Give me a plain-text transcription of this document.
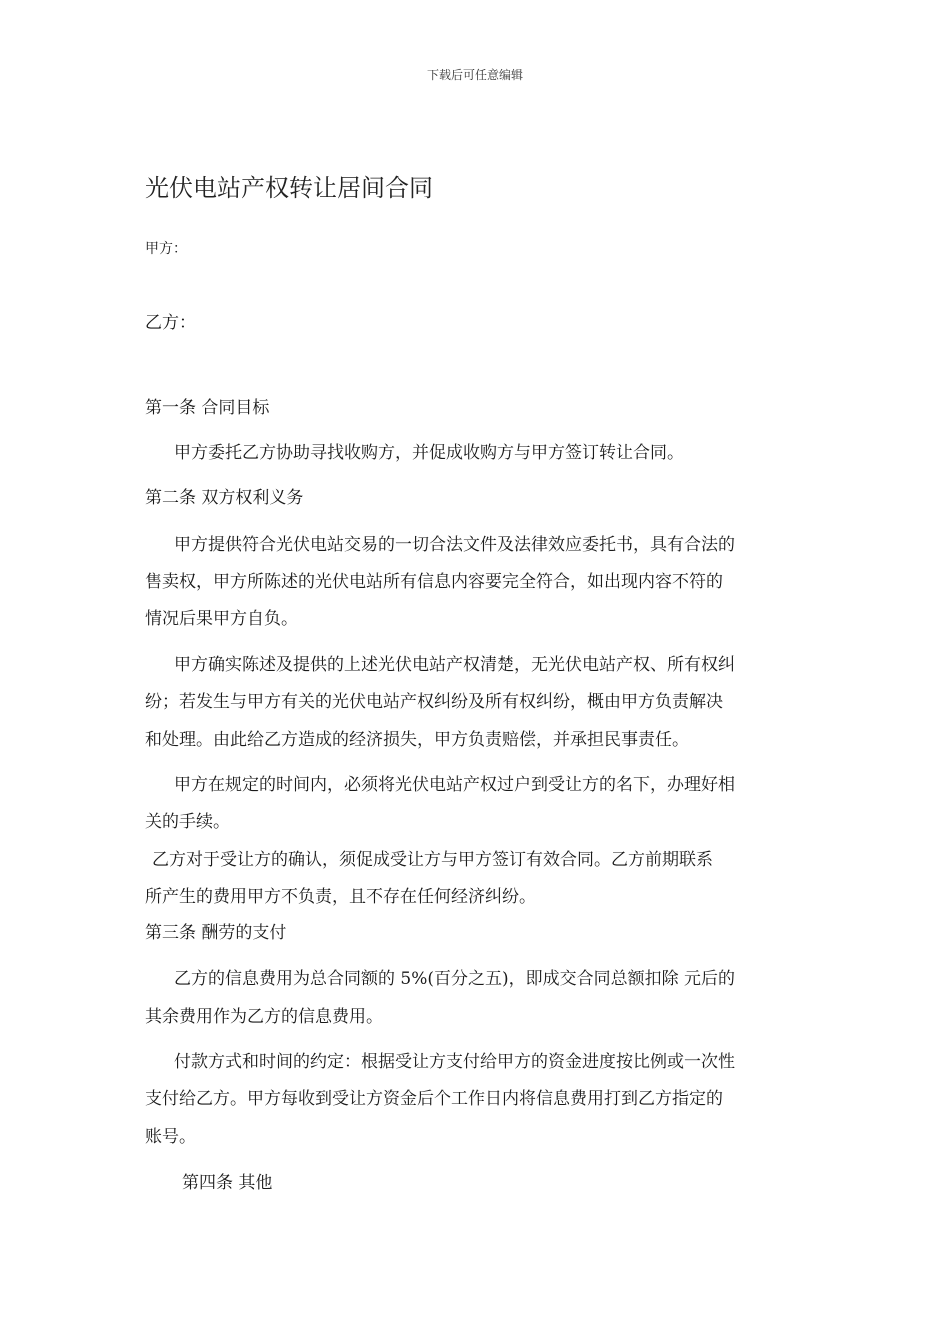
下载后可任意编辑
光伏电站产权转让居间合同
甲方：
乙方：
第一条 合同目标
甲方委托乙方协助寻找收购方，并促成收购方与甲方签订转让合同。
第二条 双方权利义务
甲方提供符合光伏电站交易的一切合法文件及法律效应委托书，具有合法的
售卖权，甲方所陈述的光伏电站所有信息内容要完全符合，如出现内容不符的
情况后果甲方自负。
甲方确实陈述及提供的上述光伏电站产权清楚，无光伏电站产权、所有权纠
纷；若发生与甲方有关的光伏电站产权纠纷及所有权纠纷，概由甲方负责解决
和处理。由此给乙方造成的经济损失，甲方负责赔偿，并承担民事责任。
甲方在规定的时间内，必须将光伏电站产权过户到受让方的名下，办理好相
关的手续。
乙方对于受让方的确认，须促成受让方与甲方签订有效合同。乙方前期联系
所产生的费用甲方不负责，且不存在任何经济纠纷。
第三条 酬劳的支付
乙方的信息费用为总合同额的 5%(百分之五)，即成交合同总额扣除 元后的
其余费用作为乙方的信息费用。
付款方式和时间的约定：根据受让方支付给甲方的资金进度按比例或一次性
支付给乙方。甲方每收到受让方资金后个工作日内将信息费用打到乙方指定的
账号。
第四条 其他
